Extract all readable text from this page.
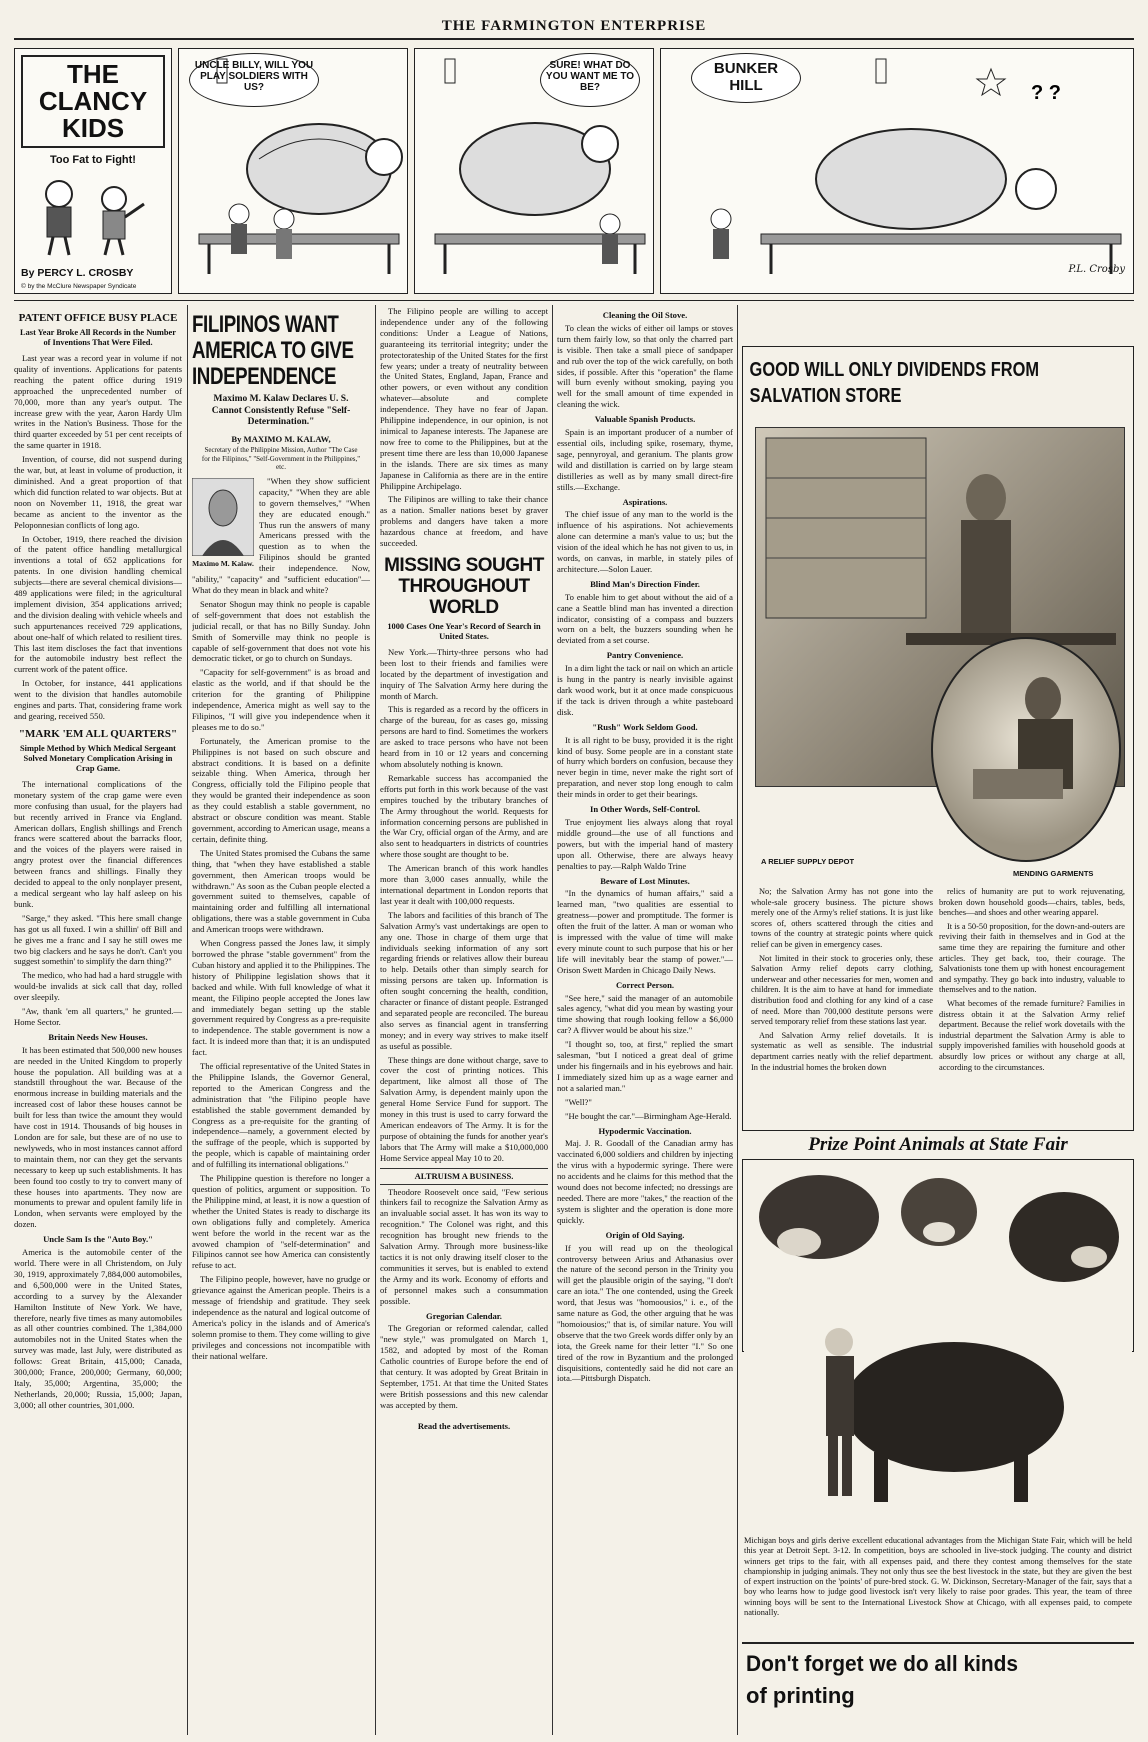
THE FARMINGTON ENTERPRISE
THE CLANCY KIDS
Too Fat to Fight!
By PERCY L. CROSBY
© by the McClure Newspaper Syndicate
UNCLE BILLY, WILL YOU PLAY SOLDIERS WITH US?
SURE! WHAT DO YOU WANT ME TO BE?
BUNKER HILL	? ?
P.L. Crosby
PATENT OFFICE BUSY PLACE
Last Year Broke All Records in the Number of Inventions That Were Filed.

Last year was a record year in volume if not quality of inventions. Applications for patents reaching the patent office during 1919 approached the unprecedented number of 70,000, more than any year's output. The increase grew with the year, Aaron Hardy Ulm writes in the Nation's Business. Those for the third quarter exceeded by 51 per cent receipts of the same quarter in 1918.

Invention, of course, did not suspend during the war, but, at least in volume of production, it diminished. And a great proportion of that which did function related to war objects. But at noon on November 11, 1918, the great war became as ancient to the inventor as the Peloponnesian conflicts of long ago.

In October, 1919, there reached the division of the patent office handling metallurgical inventions a total of 652 applications for patents. In one division handling chemical subjects—there are several chemical divisions—489 applications were filed; in the agricultural implement division, 354 applications arrived; and the division dealing with vehicle wheels and such appurtenances received 729 applications, about one-half of which related to resilient tires. This last item discloses the fact that inventions for the automobile industry best reflect the current work of the patent office.

In October, for instance, 441 applications went to the division that handles automobile engines and parts. That, considering frame work and gearing, received 550.

"MARK 'EM ALL QUARTERS"
Simple Method by Which Medical Sergeant Solved Monetary Complication Arising in Crap Game.

The international complications of the monetary system of the crap game were even more confusing than usual, for the players had but recently arrived in France via England. American dollars, English shillings and French francs were scattered about the barracks floor, and the voices of the players were raised in angry protest over the financial differences between francs and shillings. Finally they decided to appeal to the only nonplayer present, a medical sergeant who lay half asleep on his bunk.

"Sarge," they asked. "This here small change has got us all fuxed. I win a shillin' off Bill and he gives me a franc and I say he still owes me two big clackers and he says he don't. Can't you suggest somethin' to simplify the darn thing?"

The medico, who had had a hard struggle with would-be invalids at sick call that day, rolled over sleepily.

"Aw, thank 'em all quarters," he grunted.—Home Sector.

Britain Needs New Houses.

It has been estimated that 500,000 new houses are needed in the United Kingdom to properly house the population. All building was at a standstill throughout the war. Because of the enormous increase in building materials and the increased cost of labor these houses cannot be built for less than twice the amount they would have cost in 1914. Thousands of big houses in London are for sale, but these are of no use to newlyweds, who in most instances cannot afford to maintain them, nor can they get the servants necessary to keep up such establishments. It has been found too costly to try to convert many of these houses into apartments. They now are monuments to prewar and opulent family life in London, when servants were employed by the dozen.

Uncle Sam Is the "Auto Boy."

America is the automobile center of the world. There were in all Christendom, on July 30, 1919, approximately 7,884,000 automobiles, and 6,500,000 were in the United States, according to a survey by the Alexander Hamilton Institute of New York. We have, therefore, nearly five times as many automobiles as all other countries combined. The 1,384,000 automobiles not in the United States when the survey was made, last July, were distributed as follows: Great Britain, 415,000; Canada, 300,000; France, 200,000; Germany, 60,000; Italy, 35,000; Argentina, 35,000; the Netherlands, 20,000; Russia, 15,000; Japan, 3,000; all other countries, 301,000.

FILIPINOS WANT AMERICA TO GIVE INDEPENDENCE
Maximo M. Kalaw Declares U. S. Cannot Consistently Refuse "Self-Determination."
By MAXIMO M. KALAW,
Secretary of the Philippine Mission, Author "The Case for the Filipinos," "Self-Government in the Philippines," etc.
Maximo M. Kalaw.

"When they show sufficient capacity," "When they are able to govern themselves," "When they are educated enough." Thus run the answers of many Americans pressed with the question as to when the Filipinos should be granted their independence. Now, "ability," "capacity" and "sufficient education"—What do they mean in black and white?

Senator Shogun may think no people is capable of self-government that does not establish the judicial recall, or that has no Billy Sunday. John Smith of Somerville may think no people is capable of self-government that does not vote his democratic ticket, or go to church on Sundays.

"Capacity for self-government" is as broad and elastic as the world, and if that should be the criterion for the granting of Philippine independence, America might as well say to the Filipinos, "I will give you independence when it pleases me to do so."

Fortunately, the American promise to the Philippines is not based on such obscure and abstract conditions. It is based on a definite seizable thing. When America, through her Congress, officially told the Filipino people that they would be granted their independence as soon as they could establish a stable government, no abstract or obscure condition was meant. Stable government, according to American usage, means a certain, definite thing.

The United States promised the Cubans the same thing, that "when they have established a stable government, then American troops would be withdrawn." As soon as the Cuban people elected a government suited to themselves, capable of maintaining order and fulfilling all international obligations, there was a stable government in Cuba and American troops were withdrawn.

When Congress passed the Jones law, it simply borrowed the phrase "stable government" from the Cuban history and applied it to the Philippines. The history of Philippine legislation shows that it backed and while. With full knowledge of what it meant, the Filipino people accepted the Jones law and immediately began setting up the stable government required by Congress as a pre-requisite to independence. The stable government is now a fact. It is indeed more than that; it is an undisputed fact.

The official representative of the United States in the Philippine Islands, the Governor General, reported to the American Congress and the administration that "the Filipino people have established the stable government demanded by Congress as a pre-requisite for the granting of independence—namely, a government elected by the suffrage of the people, which is supported by the people, which is capable of maintaining order and of fulfilling its international obligations."

The Philippine question is therefore no longer a question of politics, argument or supposition. To the Philippine mind, at least, it is now a question of whether the United States is ready to discharge its own obligations fully and completely. America went before the world in the recent war as the avowed champion of "self-determination" and Filipinos cannot see how America can consistently refuse to act.

The Filipino people, however, have no grudge or grievance against the American people. Theirs is a message of friendship and gratitude. They seek independence as the natural and logical outcome of America's policy in the islands and of America's solemn promise to them. They come willing to give privileges and concessions not incompatible with their national welfare.

The Filipino people are willing to accept independence under any of the following conditions: Under a League of Nations, guaranteeing its territorial integrity; under the protectorateship of the United States for the first few years; under a treaty of neutrality between the United States, England, Japan, France and other powers, or even without any condition whatever—absolute and complete independence. They have no fear of Japan. Philippine independence, in our opinion, is not inimical to Japanese interests. The Japanese are now free to come to the Philippines, but at the present time there are less than 10,000 Japanese in the islands. There are six times as many Japanese in California as there are in the entire Philippine Archipelago.

The Filipinos are willing to take their chance as a nation. Smaller nations beset by graver problems and dangers have taken a more hazardous chance at freedom, and have succeeded.

MISSING SOUGHT THROUGHOUT WORLD
1000 Cases One Year's Record of Search in United States.

New York.—Thirty-three persons who had been lost to their friends and families were located by the department of investigation and inquiry of The Salvation Army here during the month of March.

This is regarded as a record by the officers in charge of the bureau, for as cases go, missing persons are hard to find. Sometimes the workers are asked to trace persons who have not been heard from in 10 or 12 years and concerning whom absolutely nothing is known.

Remarkable success has accompanied the efforts put forth in this work because of the vast empires touched by the tributary branches of The Army throughout the world. Requests for information concerning persons are published in the War Cry, official organ of the Army, and are also sent to headquarters in districts of countries where those sought are thought to be.

The American branch of this work handles more than 3,000 cases annually, while the international department in London reports that last year it dealt with 100,000 requests.

The labors and facilities of this branch of The Salvation Army's vast undertakings are open to any one. Those in charge of them urge that individuals seeking information of any sort regarding friends or relatives allow their bureau to help. Details other than simply search for missing persons are taken up. Information is often sought concerning the health, condition, character or finance of distant people. Estranged and separated people are reconciled. The bureau also serves as financial agent in transferring money; and in every way strives to make itself as useful as possible.

These things are done without charge, save to cover the cost of printing notices. This department, like almost all those of The Salvation Army, is dependent mainly upon the general Home Service Fund for support. The money in this trust is used to carry forward the American endeavors of The Army. It is for the purpose of obtaining the funds for another year's labors that The Army will make a $10,000,000 Home Service appeal May 10 to 20.

ALTRUISM A BUSINESS.

Theodore Roosevelt once said, "Few serious thinkers fail to recognize the Salvation Army as an invaluable social asset. It has won its way to recognition." The Colonel was right, and this recognition has brought new friends to the Salvation Army. Through more business-like tactics it is not only drawing itself closer to the communities it serves, but is enabled to extend the Army and its work. Economy of efforts and of personnel makes such a consummation possible.

Gregorian Calendar.

The Gregorian or reformed calendar, called "new style," was promulgated on March 1, 1582, and adopted by most of the Roman Catholic countries of Europe before the end of that century. It was adopted by Great Britain in September, 1751. At that time the United States were British possessions and this new calendar was accepted by them.

Read the advertisements.
Cleaning the Oil Stove.

To clean the wicks of either oil lamps or stoves turn them fairly low, so that only the charred part is visible. Then take a small piece of sandpaper and rub over the top of the wick carefully, on both sides, if possible. After this "operation" the flame will burn evenly without smoking, paying you well for the small amount of time expended in cleaning the wick.

Valuable Spanish Products.

Spain is an important producer of a number of essential oils, including spike, rosemary, thyme, sage, pennyroyal, and geranium. The plants grow wild and distillation is carried on by large steam distilleries as well as by many small direct-fire stills.—Exchange.

Aspirations.

The chief issue of any man to the world is the influence of his aspirations. Not achievements alone can determine a man's value to us; but the vision of the ideal which he has not given to us, in words, on canvas, in marble, in stately piles of architecture.—Solon Lauer.

Blind Man's Direction Finder.

To enable him to get about without the aid of a cane a Seattle blind man has invented a direction indicator, consisting of a compass and buzzers worn on a belt, the buzzers sounding when he deviated from a set course.

Pantry Convenience.

In a dim light the tack or nail on which an article is hung in the pantry is nearly invisible against dark wood work, but it at once made conspicuous if the tack is driven through a white pasteboard disk.

"Rush" Work Seldom Good.

It is all right to be busy, provided it is the right kind of busy. Some people are in a constant state of hurry which borders on confusion, because they never begin in time, never make the right sort of preparation, and never stop long enough to calm their minds in order to get their bearings.

In Other Words, Self-Control.

True enjoyment lies always along that royal middle ground—the use of all functions and powers, but with the imperial hand of mastery upon all. Otherwise, there are always heavy penalties to pay.—Ralph Waldo Trine

Beware of Lost Minutes.

"In the dynamics of human affairs," said a learned man, "two qualities are essential to greatness—power and promptitude. The former is often the fruit of the latter. A man or woman who is impressed with the value of time will make every minute count to such purpose that his or her life will inevitably bear the stamp of power."—Orison Swett Marden in Chicago Daily News.

Correct Person.

"See here," said the manager of an automobile sales agency, "what did you mean by wasting your time showing that rough looking fellow a $6,000 car? A flivver would be about his size."

"I thought so, too, at first," replied the smart salesman, "but I noticed a great deal of grime under his fingernails and in his eyebrows and hair. I immediately sized him up as a wage earner and not a salaried man."

"Well?"

"He bought the car."—Birmingham Age-Herald.

Hypodermic Vaccination.

Maj. J. R. Goodall of the Canadian army has vaccinated 6,000 soldiers and children by injecting the virus with a hypodermic syringe. There were no accidents and he claims for this method that the wound does not become infected; no dressings are needed. There are more "takes," the reaction of the system is slighter and the operation is done more quickly.

Origin of Old Saying.

If you will read up on the theological controversy between Arius and Athanasius over the nature of the second person in the Trinity you will get the plausible origin of the saying, "I don't care an iota." The one contended, using the Greek word, that Jesus was "homoousios," i. e., of the same nature as God, the other arguing that he was "homoiousios;" that is, of similar nature. You will observe that the two Greek words differ only by an iota, the Greek name for their letter "I." So one tired of the row in Byzantium and the prolonged disquisitions, contentedly said he did not care an iota.—Pittsburgh Dispatch.

GOOD WILL ONLY DIVIDENDS FROM SALVATION STORE
A RELIEF SUPPLY DEPOT
MENDING GARMENTS

No; the Salvation Army has not gone into the whole-sale grocery business. The picture shows merely one of the Army's relief stations. It is just like scores of, others scattered through the cities and towns of the country at strategic points where quick relief can be given in emergency cases.

Not limited in their stock to groceries only, these Salvation Army relief depots carry clothing, underwear and other necessaries for men, women and children. It is the aim to have at hand for immediate distribution food and clothing for any kind of a case of need. More than 700,000 destitute persons were served temporary relief from these stations last year.

And Salvation Army relief dovetails. It is systematic as well as sensible. The industrial department carries neatly with the relief department. In the industrial homes the broken down

relics of humanity are put to work rejuvenating, broken down household goods—chairs, tables, beds, benches—and shoes and other wearing apparel.

It is a 50-50 proposition, for the down-and-outers are reviving their faith in themselves and in God at the same time they are repairing the furniture and other articles. They get back, too, their courage. The Salvationists tone them up with honest encouragement and sympathy. They go back into industry, valuable to themselves and to the nation.

What becomes of the remade furniture? Families in distress obtain it at the Salvation Army relief department. Because the relief work dovetails with the industrial department the Salvation Army is able to supply impoverished families with household goods at absurdly low prices or without any charge at all, according to the circumstances.

Prize Point Animals at State Fair

Michigan boys and girls derive excellent educational advantages from the Michigan State Fair, which will be held this year at Detroit Sept. 3-12. In competition, boys are schooled in live-stock judging. The county and district winners get trips to the fair, with all expenses paid, and there they contest among themselves for the state championship in judging animals. They not only thus see the best livestock in the state, but they are given the best of expert instruction on the 'points' of pure-bred stock. G. W. Dickinson, Secretary-Manager of the fair, says that a boy who learns how to judge good livestock isn't very likely to raise poor grades. This year, the team of three winning boys will be sent to the International Livestock Show at Chicago, with all expenses paid, to compete nationally.

Don't forget we do all kinds
of printing
